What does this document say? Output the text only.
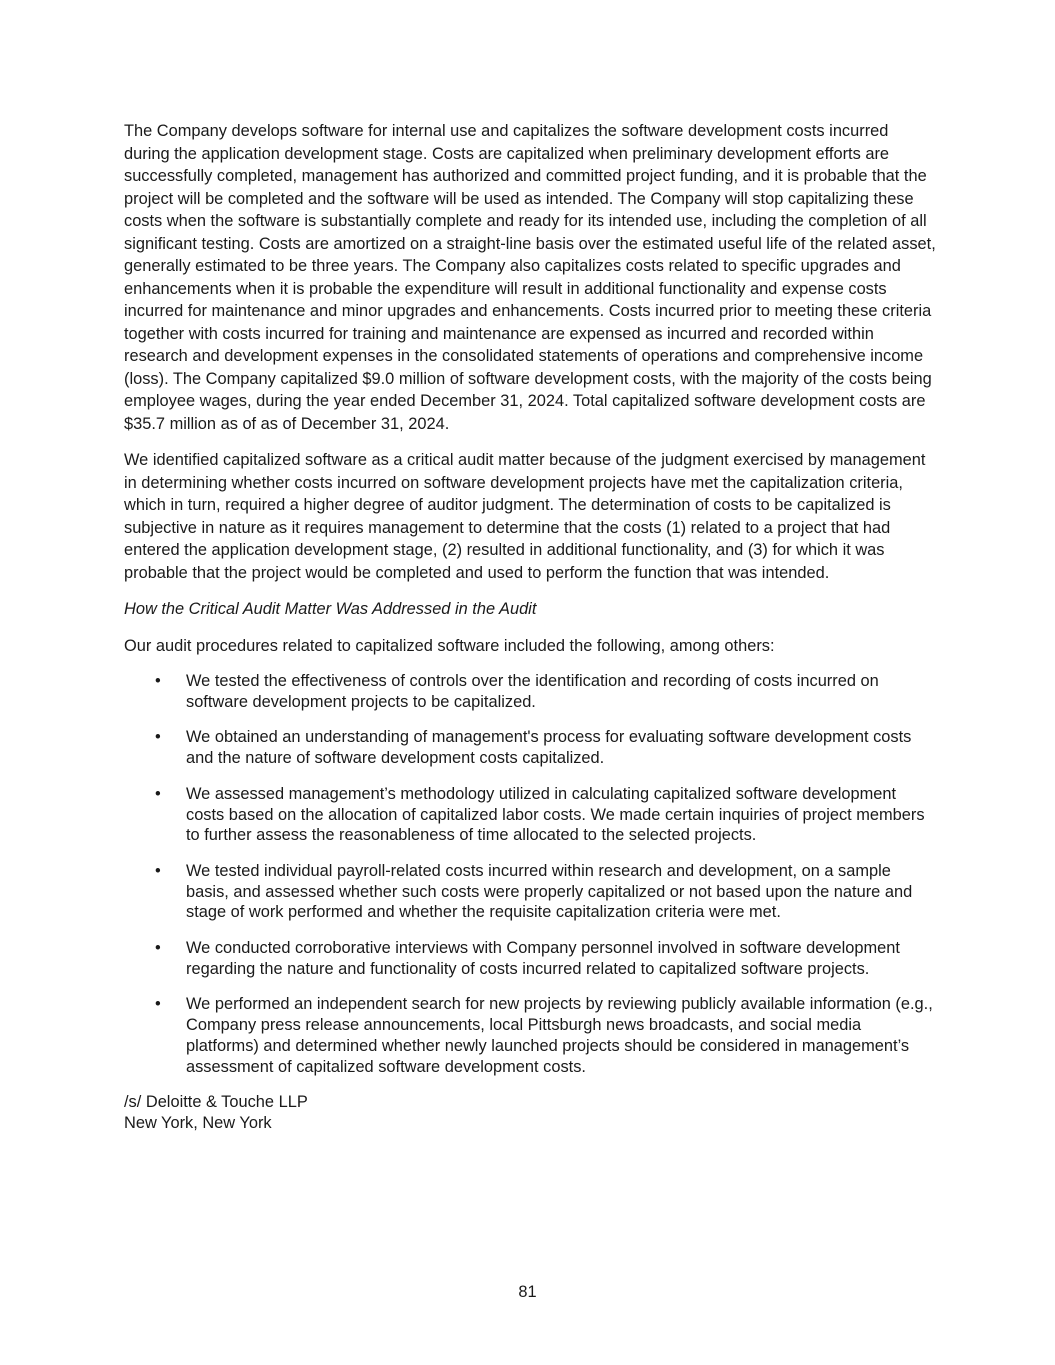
The Company develops software for internal use and capitalizes the software development costs incurred during the application development stage. Costs are capitalized when preliminary development efforts are successfully completed, management has authorized and committed project funding, and it is probable that the project will be completed and the software will be used as intended. The Company will stop capitalizing these costs when the software is substantially complete and ready for its intended use, including the completion of all significant testing. Costs are amortized on a straight-line basis over the estimated useful life of the related asset, generally estimated to be three years. The Company also capitalizes costs related to specific upgrades and enhancements when it is probable the expenditure will result in additional functionality and expense costs incurred for maintenance and minor upgrades and enhancements. Costs incurred prior to meeting these criteria together with costs incurred for training and maintenance are expensed as incurred and recorded within research and development expenses in the consolidated statements of operations and comprehensive income (loss). The Company capitalized $9.0 million of software development costs, with the majority of the costs being employee wages, during the year ended December 31, 2024. Total capitalized software development costs are $35.7 million as of as of December 31, 2024.

We identified capitalized software as a critical audit matter because of the judgment exercised by management in determining whether costs incurred on software development projects have met the capitalization criteria, which in turn, required a higher degree of auditor judgment. The determination of costs to be capitalized is subjective in nature as it requires management to determine that the costs (1) related to a project that had entered the application development stage, (2) resulted in additional functionality, and (3) for which it was probable that the project would be completed and used to perform the function that was intended.

How the Critical Audit Matter Was Addressed in the Audit

Our audit procedures related to capitalized software included the following, among others:

• We tested the effectiveness of controls over the identification and recording of costs incurred on software development projects to be capitalized.
• We obtained an understanding of management's process for evaluating software development costs and the nature of software development costs capitalized.
• We assessed management’s methodology utilized in calculating capitalized software development costs based on the allocation of capitalized labor costs. We made certain inquiries of project members to further assess the reasonableness of time allocated to the selected projects.
• We tested individual payroll-related costs incurred within research and development, on a sample basis, and assessed whether such costs were properly capitalized or not based upon the nature and stage of work performed and whether the requisite capitalization criteria were met.
• We conducted corroborative interviews with Company personnel involved in software development regarding the nature and functionality of costs incurred related to capitalized software projects.
• We performed an independent search for new projects by reviewing publicly available information (e.g., Company press release announcements, local Pittsburgh news broadcasts, and social media platforms) and determined whether newly launched projects should be considered in management’s assessment of capitalized software development costs.
/s/ Deloitte & Touche LLP
New York, New York
81
